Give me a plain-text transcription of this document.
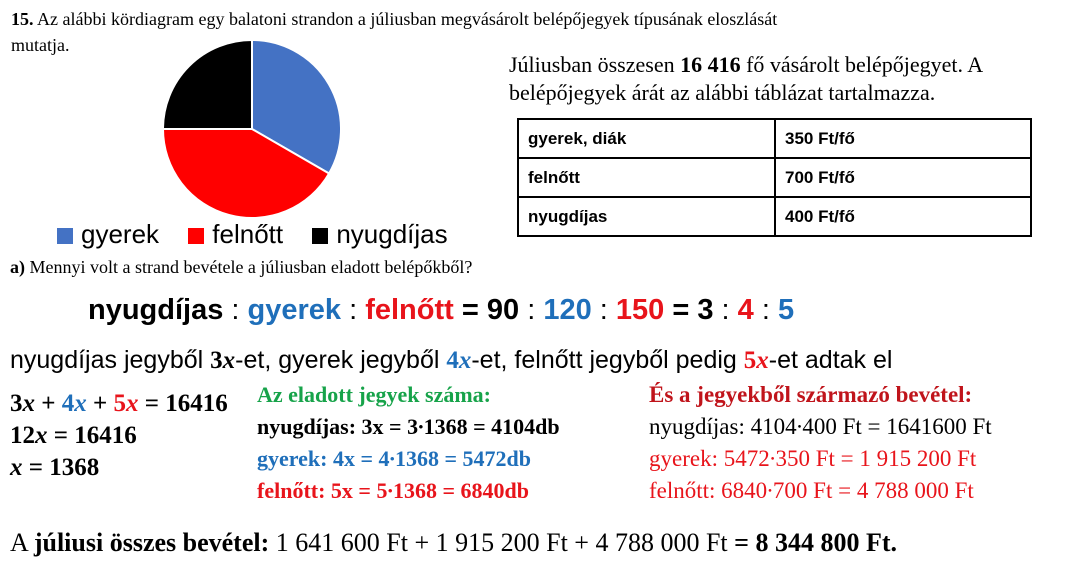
15. Az alábbi kördiagram egy balatoni strandon a júliusban megvásárolt belépőjegyek típusának eloszlását
mutatja.
gyerek felnőtt nyugdíjas
Júliusban összesen 16 416 fő vásárolt belépőjegyet. A
belépőjegyek árát az alábbi táblázat tartalmazza.
gyerek, diák	350 Ft/fő
felnőtt	700 Ft/fő
nyugdíjas	400 Ft/fő
a) Mennyi volt a strand bevétele a júliusban eladott belépőkből?
nyugdíjas : gyerek : felnőtt = 90 : 120 : 150 = 3 : 4 : 5
nyugdíjas jegyből 3x-et, gyerek jegyből 4x-et, felnőtt jegyből pedig 5x-et adtak el
3x + 4x + 5x = 16416
12x = 16416
x = 1368
Az eladott jegyek száma:
nyugdíjas: 3x = 3∙1368 = 4104db
gyerek: 4x = 4∙1368 = 5472db
felnőtt: 5x = 5∙1368 = 6840db
És a jegyekből származó bevétel:
nyugdíjas: 4104∙400 Ft = 1641600 Ft
gyerek: 5472∙350 Ft = 1 915 200 Ft
felnőtt: 6840∙700 Ft = 4 788 000 Ft
A júliusi összes bevétel: 1 641 600 Ft + 1 915 200 Ft + 4 788 000 Ft = 8 344 800 Ft.
